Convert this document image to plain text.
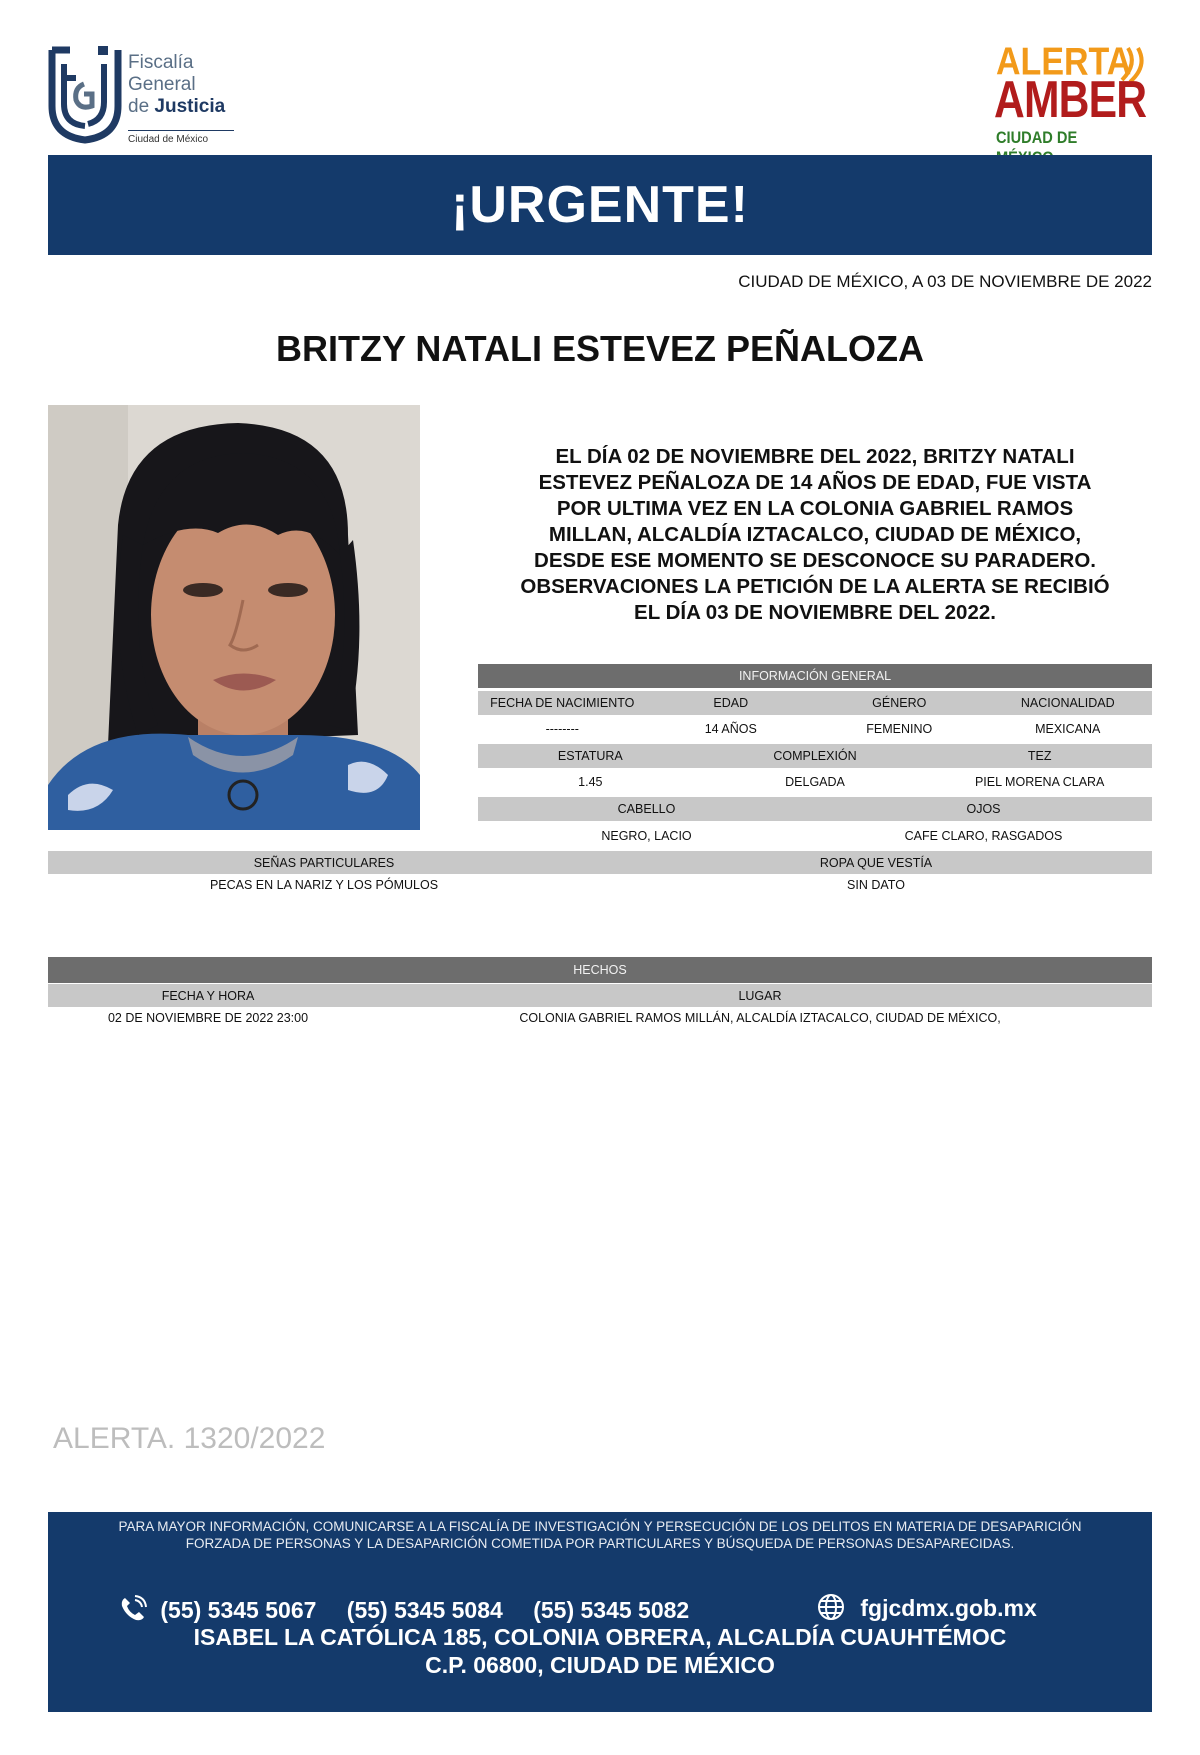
Fiscalía
General
de Justicia
Ciudad de México
ALERTA
AMBER
CIUDAD DE
¡URGENTE!
CIUDAD DE MÉXICO, A 03 DE NOVIEMBRE DE 2022
BRITZY NATALI ESTEVEZ PEÑALOZA
EL DÍA 02 DE NOVIEMBRE DEL 2022, BRITZY NATALI
ESTEVEZ PEÑALOZA DE 14 AÑOS DE EDAD, FUE VISTA
POR ULTIMA VEZ EN LA COLONIA GABRIEL RAMOS
MILLAN, ALCALDÍA IZTACALCO, CIUDAD DE MÉXICO,
DESDE ESE MOMENTO SE DESCONOCE SU PARADERO.
OBSERVACIONES LA PETICIÓN DE LA ALERTA SE RECIBIÓ
EL DÍA 03 DE NOVIEMBRE DEL 2022.
INFORMACIÓN GENERAL
FECHA DE NACIMIENTO	EDAD	GÉNERO	NACIONALIDAD
--------	14 AÑOS	FEMENINO	MEXICANA
ESTATURA	COMPLEXIÓN	TEZ
1.45	DELGADA	PIEL MORENA CLARA
CABELLO	OJOS
NEGRO, LACIO	CAFE CLARO, RASGADOS
SEÑAS PARTICULARES	ROPA QUE VESTÍA
PECAS EN LA NARIZ Y LOS PÓMULOS	SIN DATO
HECHOS
FECHA Y HORA	LUGAR
02 DE NOVIEMBRE DE 2022 23:00	COLONIA GABRIEL RAMOS MILLÁN, ALCALDÍA IZTACALCO, CIUDAD DE MÉXICO,
ALERTA. 1320/2022
PARA MAYOR INFORMACIÓN, COMUNICARSE A LA FISCALÍA DE INVESTIGACIÓN Y PERSECUCIÓN DE LOS DELITOS EN MATERIA DE DESAPARICIÓN
FORZADA DE PERSONAS Y LA DESAPARICIÓN COMETIDA POR PARTICULARES Y BÚSQUEDA DE PERSONAS DESAPARECIDAS.
(55) 5345 5067 (55) 5345 5084 (55) 5345 5082	fgjcdmx.gob.mx
ISABEL LA CATÓLICA 185, COLONIA OBRERA, ALCALDÍA CUAUHTÉMOC
C.P. 06800, CIUDAD DE MÉXICO
